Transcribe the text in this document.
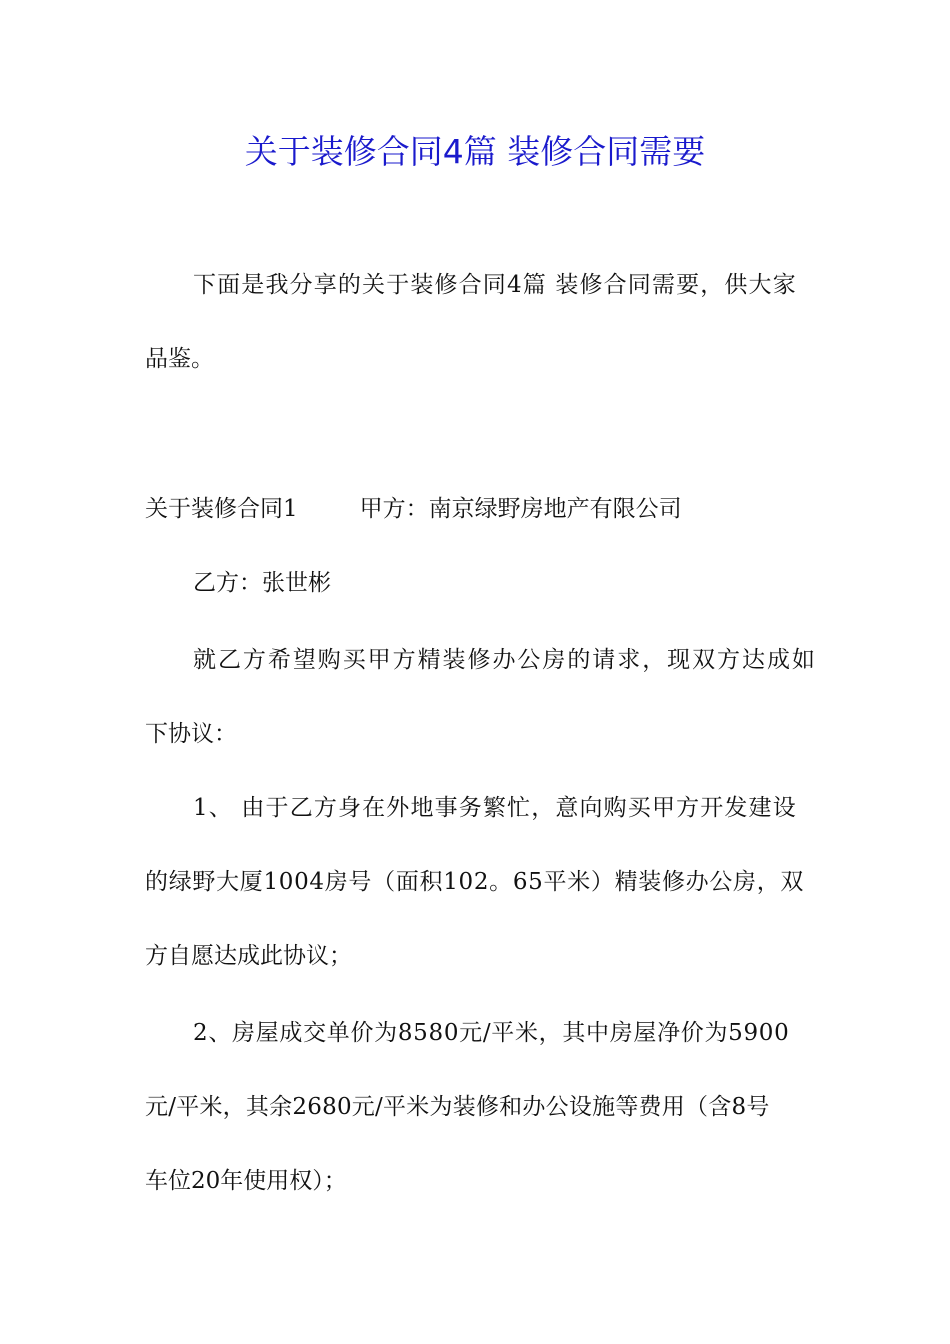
关于装修合同4篇 装修合同需要
下面是我分享的关于装修合同4篇 装修合同需要，供大家
品鉴。
关于装修合同1	甲方：南京绿野房地产有限公司
乙方：张世彬
就乙方希望购买甲方精装修办公房的请求，现双方达成如
下协议：
1、 由于乙方身在外地事务繁忙，意向购买甲方开发建设
的绿野大厦1004房号（面积102。65平米）精装修办公房，双
方自愿达成此协议；
2、房屋成交单价为8580元/平米，其中房屋净价为5900
元/平米，其余2680元/平米为装修和办公设施等费用（含8号
车位20年使用权）；
